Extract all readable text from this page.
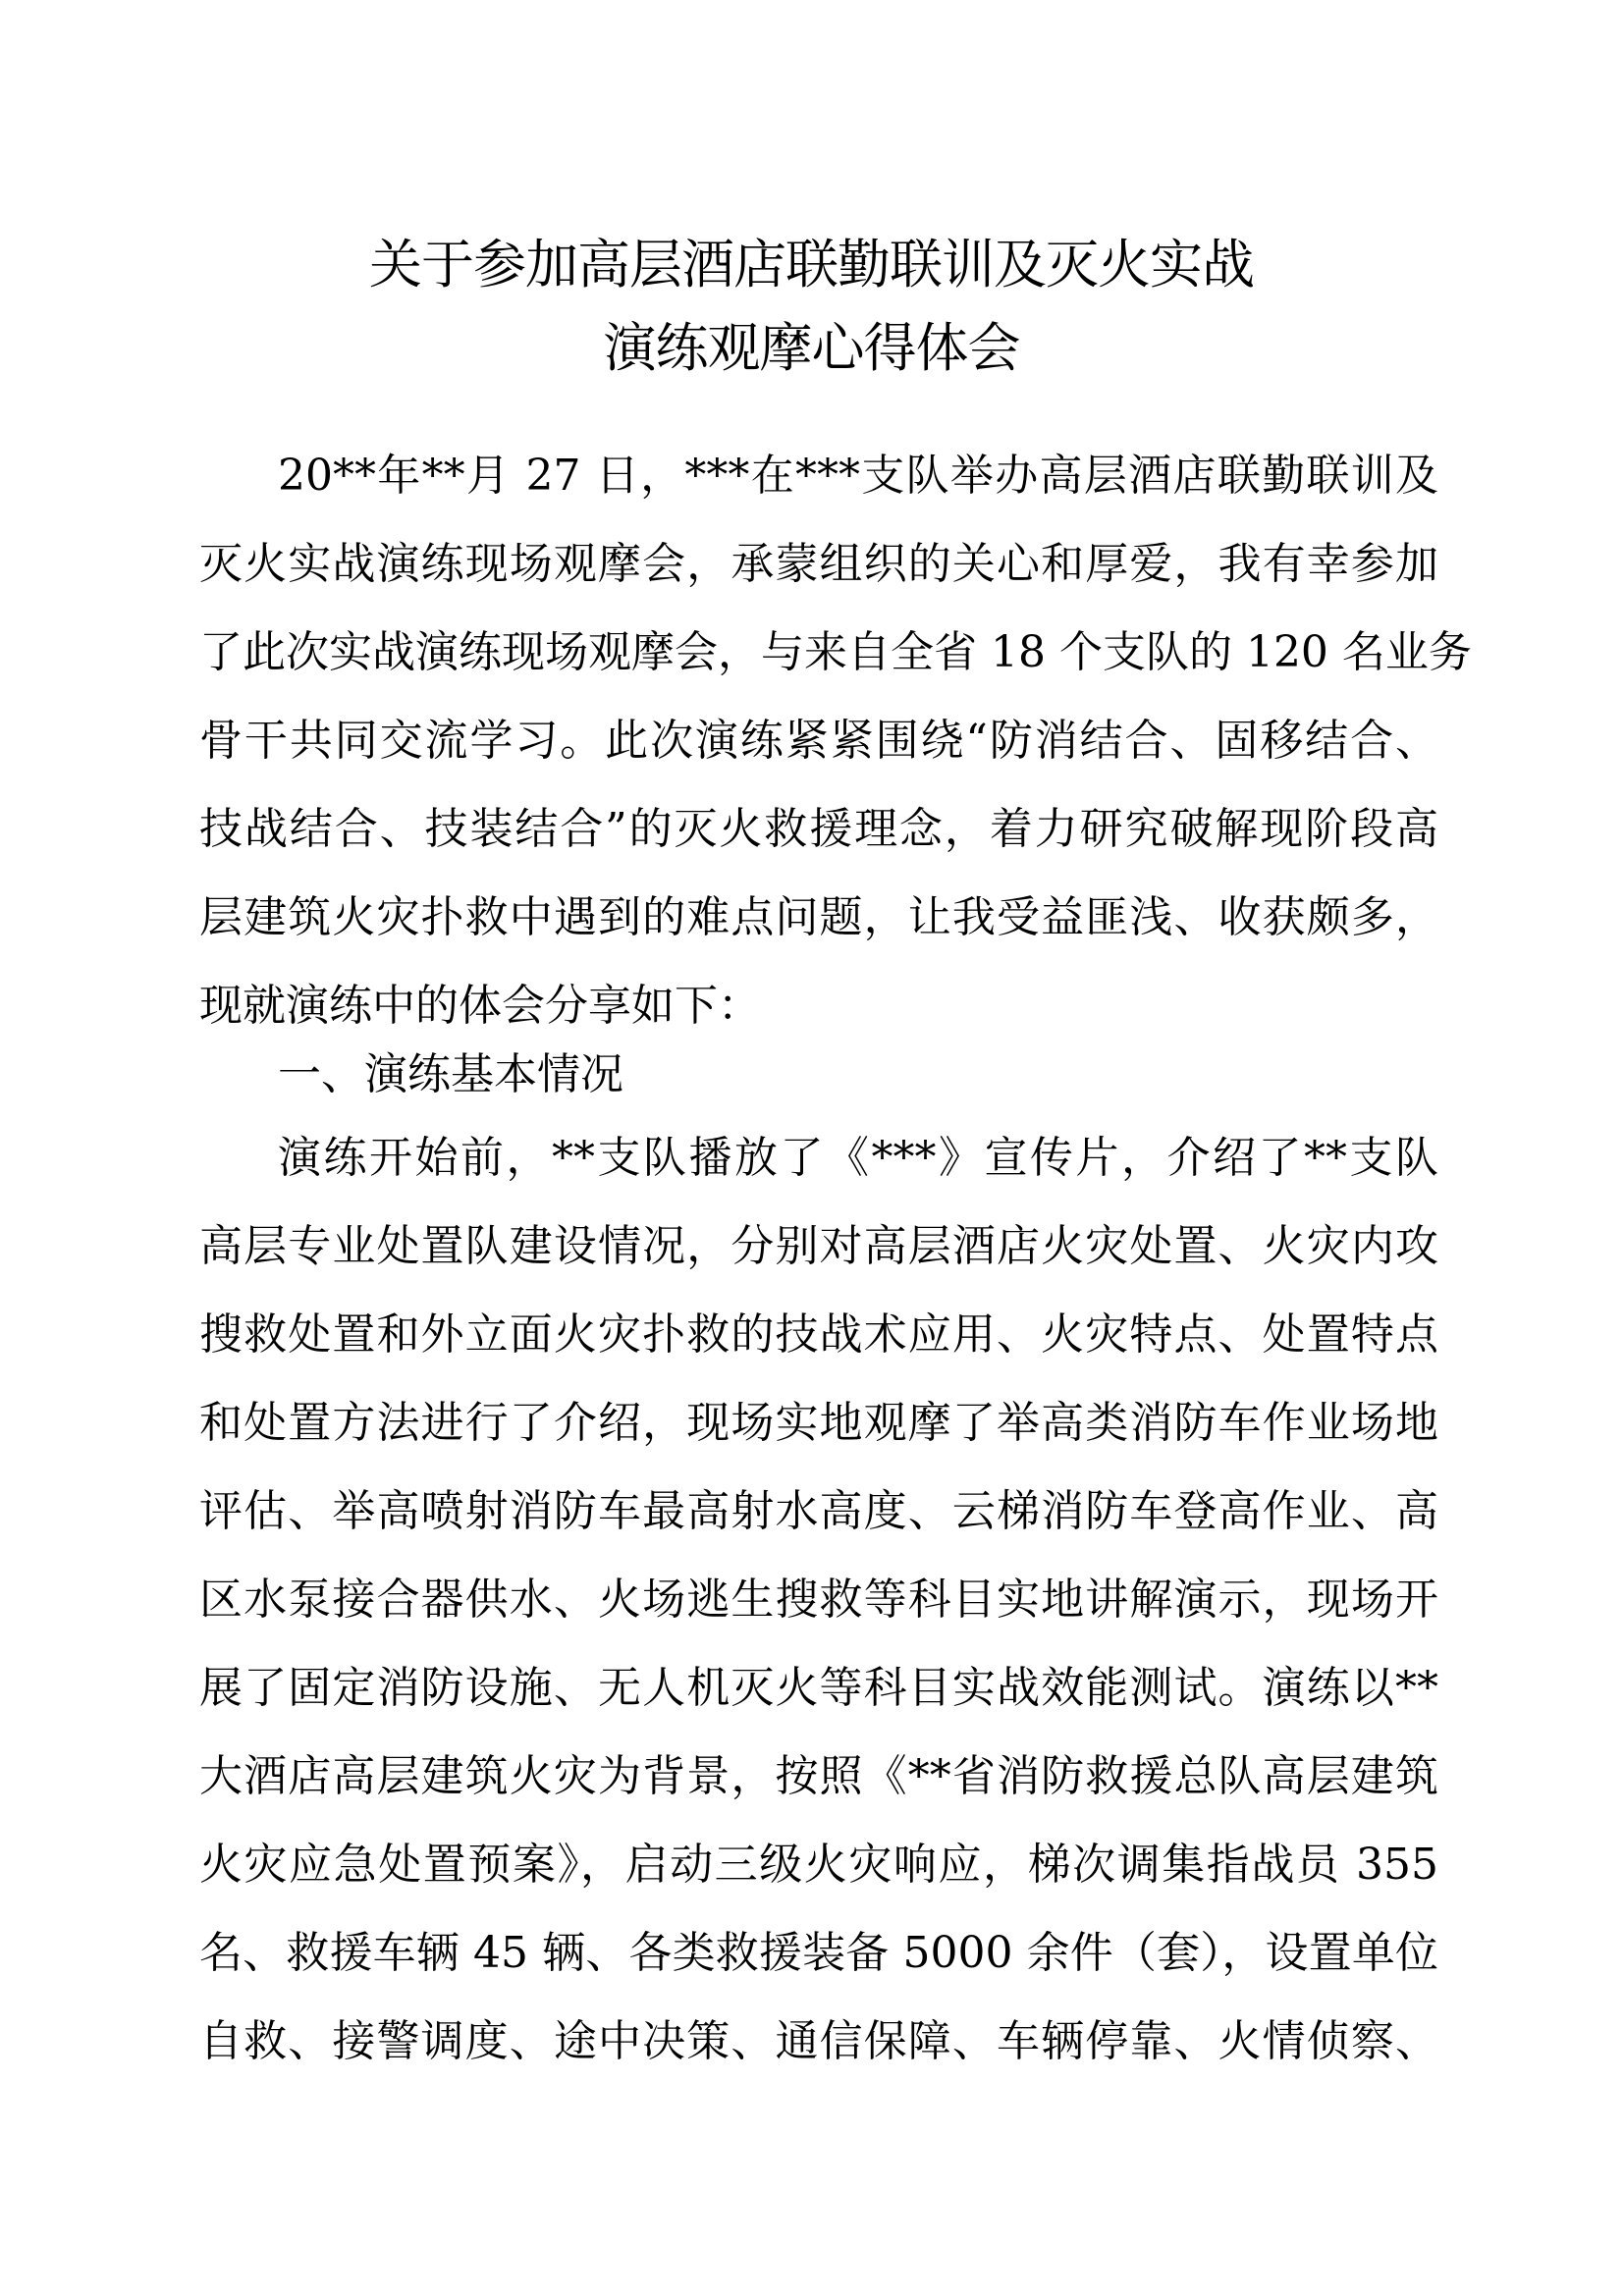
关于参加高层酒店联勤联训及灭火实战
演练观摩心得体会
20**年**月 27 日，***在***支队举办高层酒店联勤联训及
灭火实战演练现场观摩会，承蒙组织的关心和厚爱，我有幸参加
了此次实战演练现场观摩会，与来自全省 18 个支队的 120 名业务
骨干共同交流学习。此次演练紧紧围绕“防消结合、固移结合、
技战结合、技装结合”的灭火救援理念，着力研究破解现阶段高
层建筑火灾扑救中遇到的难点问题，让我受益匪浅、收获颇多，
现就演练中的体会分享如下：
一、演练基本情况
演练开始前，**支队播放了《***》宣传片，介绍了**支队
高层专业处置队建设情况，分别对高层酒店火灾处置、火灾内攻
搜救处置和外立面火灾扑救的技战术应用、火灾特点、处置特点
和处置方法进行了介绍，现场实地观摩了举高类消防车作业场地
评估、举高喷射消防车最高射水高度、云梯消防车登高作业、高
区水泵接合器供水、火场逃生搜救等科目实地讲解演示，现场开
展了固定消防设施、无人机灭火等科目实战效能测试。演练以**
大酒店高层建筑火灾为背景，按照《**省消防救援总队高层建筑
火灾应急处置预案》，启动三级火灾响应，梯次调集指战员 355
名、救援车辆 45 辆、各类救援装备 5000 余件（套），设置单位
自救、接警调度、途中决策、通信保障、车辆停靠、火情侦察、
